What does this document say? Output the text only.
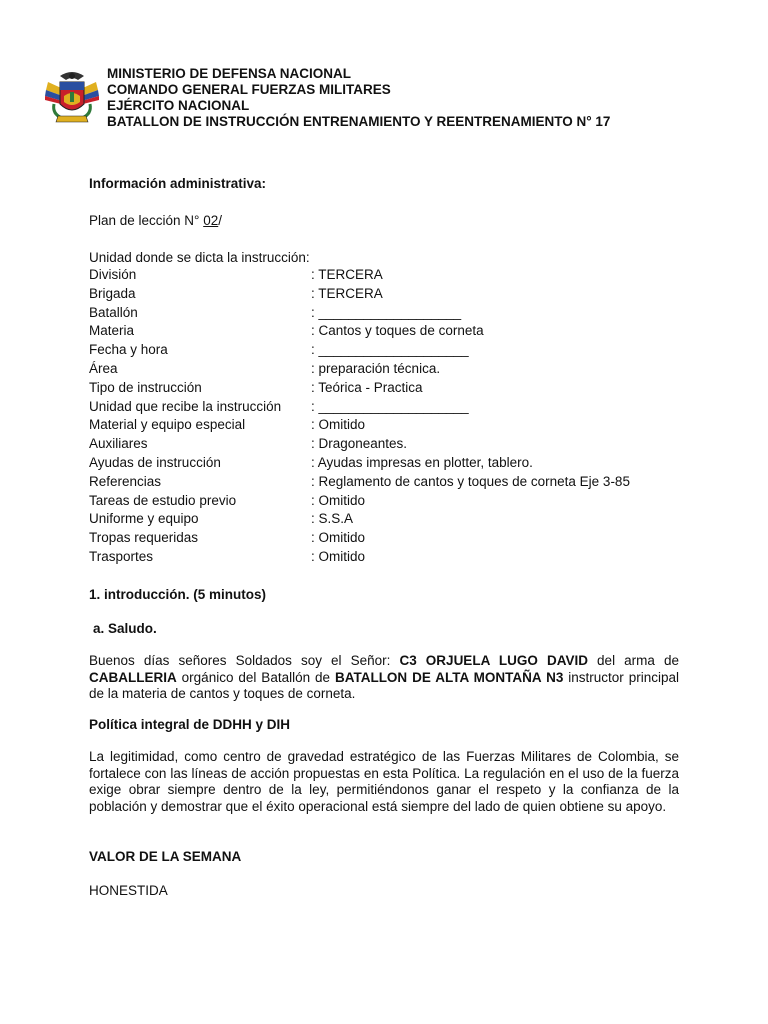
MINISTERIO DE DEFENSA NACIONAL
COMANDO GENERAL FUERZAS MILITARES
EJÉRCITO NACIONAL
BATALLON DE INSTRUCCIÓN ENTRENAMIENTO Y REENTRENAMIENTO N° 17
Información administrativa:
Plan de lección N° 02/
Unidad donde se dicta la instrucción:
División	: TERCERA
Brigada	: TERCERA
Batallón	: ___________________
Materia	: Cantos y toques de corneta
Fecha y hora	: ____________________
Área	: preparación técnica.
Tipo de instrucción	: Teórica - Practica
Unidad que recibe la instrucción	: ____________________
Material y equipo especial	: Omitido
Auxiliares	: Dragoneantes.
Ayudas de instrucción	: Ayudas impresas en plotter, tablero.
Referencias	: Reglamento de cantos y toques de corneta Eje 3-85
Tareas de estudio previo	: Omitido
Uniforme y equipo	: S.S.A
Tropas requeridas	: Omitido
Trasportes	: Omitido
1. introducción. (5 minutos)
a. Saludo.
Buenos días señores Soldados soy el Señor: C3 ORJUELA LUGO DAVID del arma de CABALLERIA orgánico del Batallón de BATALLON DE ALTA MONTAÑA N3 instructor principal de la materia de cantos y toques de corneta.
Política integral de DDHH y DIH
La legitimidad, como centro de gravedad estratégico de las Fuerzas Militares de Colombia, se fortalece con las líneas de acción propuestas en esta Política. La regulación en el uso de la fuerza exige obrar siempre dentro de la ley, permitiéndonos ganar el respeto y la confianza de la población y demostrar que el éxito operacional está siempre del lado de quien obtiene su apoyo.
VALOR DE LA SEMANA
HONESTIDA
